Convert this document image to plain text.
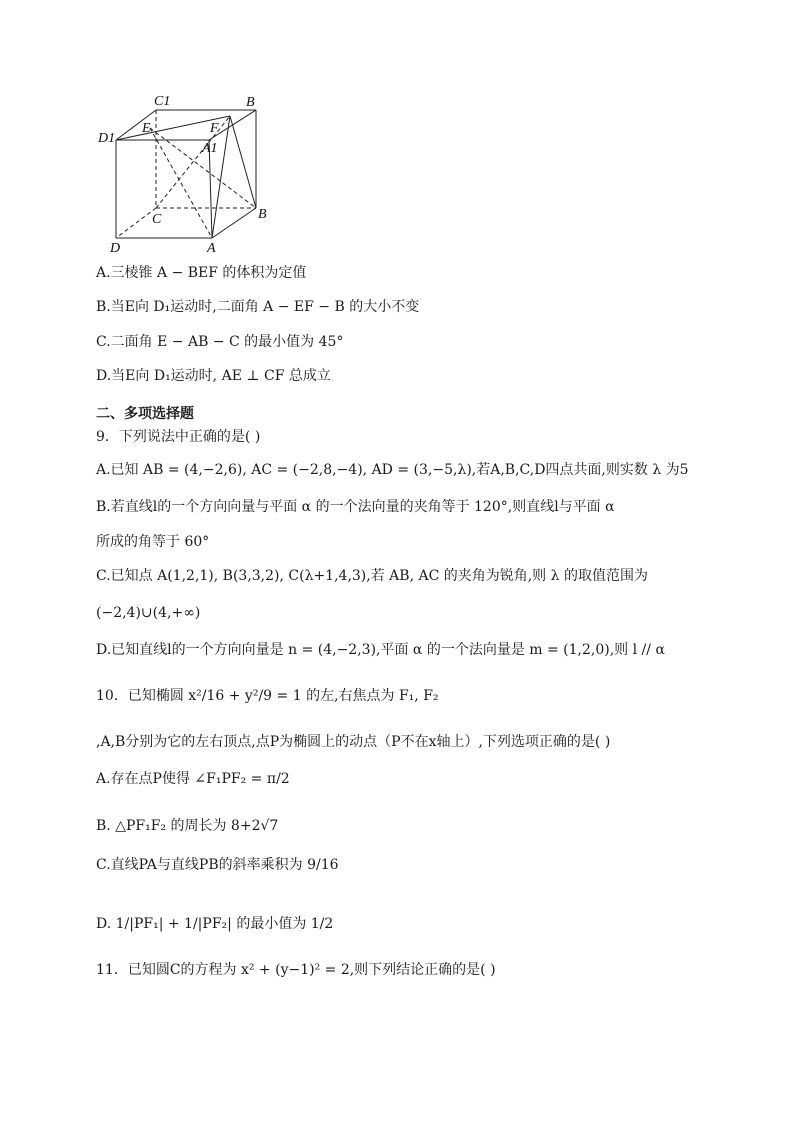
C1	B
D1
E	F
A1
C	B
D	A
A.三棱锥 A − BEF 的体积为定值
B.当E向 D₁运动时,二面角 A − EF − B 的大小不变
C.二面角 E − AB − C 的最小值为 45°
D.当E向 D₁运动时, AE ⊥ CF 总成立
二、多项选择题
9．下列说法中正确的是( )
A.已知 AB = (4,−2,6), AC = (−2,8,−4), AD = (3,−5,λ),若A,B,C,D四点共面,则实数 λ 为5
B.若直线l的一个方向向量与平面 α 的一个法向量的夹角等于 120°,则直线l与平面 α
所成的角等于 60°
C.已知点 A(1,2,1), B(3,3,2), C(λ+1,4,3),若 AB, AC 的夹角为锐角,则 λ 的取值范围为
(−2,4)∪(4,+∞)
D.已知直线l的一个方向向量是 n = (4,−2,3),平面 α 的一个法向量是 m = (1,2,0),则 l // α
10．已知椭圆 x²/16 + y²/9 = 1 的左,右焦点为 F₁, F₂
,A,B分别为它的左右顶点,点P为椭圆上的动点（P不在x轴上）,下列选项正确的是( )
A.存在点P使得 ∠F₁PF₂ = π/2
B. △PF₁F₂ 的周长为 8+2√7
C.直线PA与直线PB的斜率乘积为 9/16
D. 1/|PF₁| + 1/|PF₂| 的最小值为 1/2
11．已知圆C的方程为 x² + (y−1)² = 2,则下列结论正确的是( )
